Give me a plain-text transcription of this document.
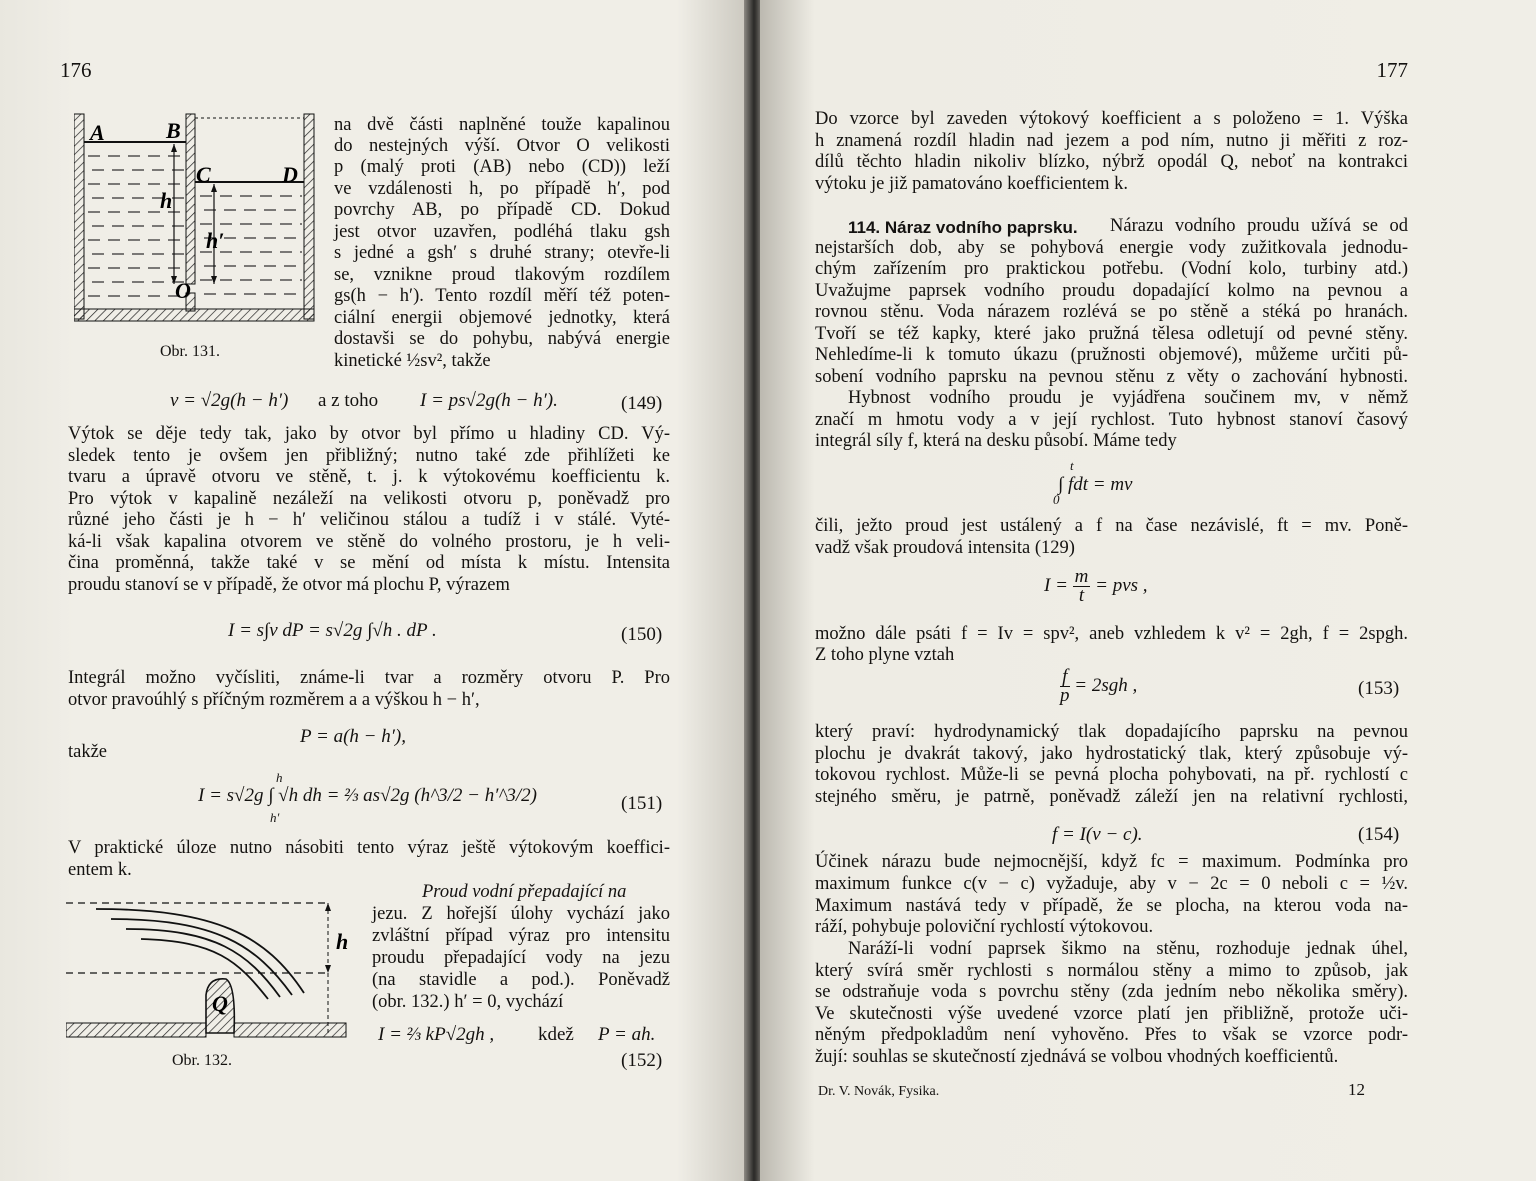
176
A	B
C	D
h
h′
O
Obr. 131.
na dvě části naplněné touže kapalinou
do nestejných výší. Otvor O velikosti
p (malý proti (AB) nebo (CD)) leží
ve vzdálenosti h, po případě h′, pod
povrchy AB, po případě CD. Dokud
jest otvor uzavřen, podléhá tlaku gsh
s jedné a gsh′ s druhé strany; otevře-li
se, vznikne proud tlakovým rozdílem
gs(h − h′). Tento rozdíl měří též poten-
ciální energii objemové jednotky, která
dostavši se do pohybu, nabývá energie
kinetické ½sv², takže
v = √2g(h − h′) a z toho I = ps√2g(h − h′).	(149)
Výtok se děje tedy tak, jako by otvor byl přímo u hladiny CD. Vý-
sledek tento je ovšem jen přibližný; nutno také zde přihlížeti ke
tvaru a úpravě otvoru ve stěně, t. j. k výtokovému koefficientu k.
Pro výtok v kapalině nezáleží na velikosti otvoru p, poněvadž pro
různé jeho části je h − h′ veličinou stálou a tudíž i v stálé. Vyté-
ká-li však kapalina otvorem ve stěně do volného prostoru, je h veli-
čina proměnná, takže také v se mění od místa k místu. Intensita
proudu stanoví se v případě, že otvor má plochu P, výrazem
I = s∫v dP = s√2g ∫√h . dP .	(150)
Integrál možno vyčísliti, známe-li tvar a rozměry otvoru P. Pro
otvor pravoúhlý s příčným rozměrem a a výškou h − h′,
P = a(h − h′),
takže
h
I = s√2g ∫ √h dh = ⅔ as√2g (h^3/2 − h′^3/2)
h′
(151)
V praktické úloze nutno násobiti tento výraz ještě výtokovým koeffici-
entem k.
h
Q
Obr. 132.
Proud vodní přepadající na
jezu. Z hořejší úlohy vychází jako
zvláštní případ výraz pro intensitu
proudu přepadající vody na jezu
(na stavidle a pod.). Poněvadž
(obr. 132.) h′ = 0, vychází
I = ⅔ kP√2gh , kdež P = ah.
(152)
177
Do vzorce byl zaveden výtokový koefficient a s položeno = 1. Výška
h znamená rozdíl hladin nad jezem a pod ním, nutno ji měřiti z roz-
dílů těchto hladin nikoliv blízko, nýbrž opodál Q, neboť na kontrakci
výtoku je již pamatováno koefficientem k.
114. Náraz vodního paprsku. Nárazu vodního proudu užívá se od
nejstarších dob, aby se pohybová energie vody zužitkovala jednodu-
chým zařízením pro praktickou potřebu. (Vodní kolo, turbiny atd.)
Uvažujme paprsek vodního proudu dopadající kolmo na pevnou a
rovnou stěnu. Voda nárazem rozlévá se po stěně a stéká po hranách.
Tvoří se též kapky, které jako pružná tělesa odletují od pevné stěny.
Nehledíme-li k tomuto úkazu (pružnosti objemové), můžeme určiti pů-
sobení vodního paprsku na pevnou stěnu z věty o zachování hybnosti.
Hybnost vodního proudu je vyjádřena součinem mv, v němž
značí m hmotu vody a v její rychlost. Tuto hybnost stanoví časový
integrál síly f, která na desku působí. Máme tedy
t
∫ fdt = mv
0
čili, ježto proud jest ustálený a f na čase nezávislé, ft = mv. Poně-
vadž však proudová intensita (129)
$I = \frac{m}{t}$ = pvs ,
možno dále psáti f = Iv = spv², aneb vzhledem k v² = 2gh, f = 2spgh.
Z toho plyne vztah
$\frac{f}{p} = 2sgh$ ,	(153)
který praví: hydrodynamický tlak dopadajícího paprsku na pevnou
plochu je dvakrát takový, jako hydrostatický tlak, který způsobuje vý-
tokovou rychlost. Může-li se pevná plocha pohybovati, na př. rychlostí c
stejného směru, je patrně, poněvadž záleží jen na relativní rychlosti,
f = I(v − c).	(154)
Účinek nárazu bude nejmocnější, když fc = maximum. Podmínka pro
maximum funkce c(v − c) vyžaduje, aby v − 2c = 0 neboli c = ½v.
Maximum nastává tedy v případě, že se plocha, na kterou voda na-
ráží, pohybuje poloviční rychlostí výtokovou.
Naráží-li vodní paprsek šikmo na stěnu, rozhoduje jednak úhel,
který svírá směr rychlosti s normálou stěny a mimo to způsob, jak
se odstraňuje voda s povrchu stěny (zda jedním nebo několika směry).
Ve skutečnosti výše uvedené vzorce platí jen přibližně, protože uči-
něným předpokladům není vyhověno. Přes to však se vzorce podr-
žují: souhlas se skutečností zjednává se volbou vhodných koefficientů.
Dr. V. Novák, Fysika.	12
